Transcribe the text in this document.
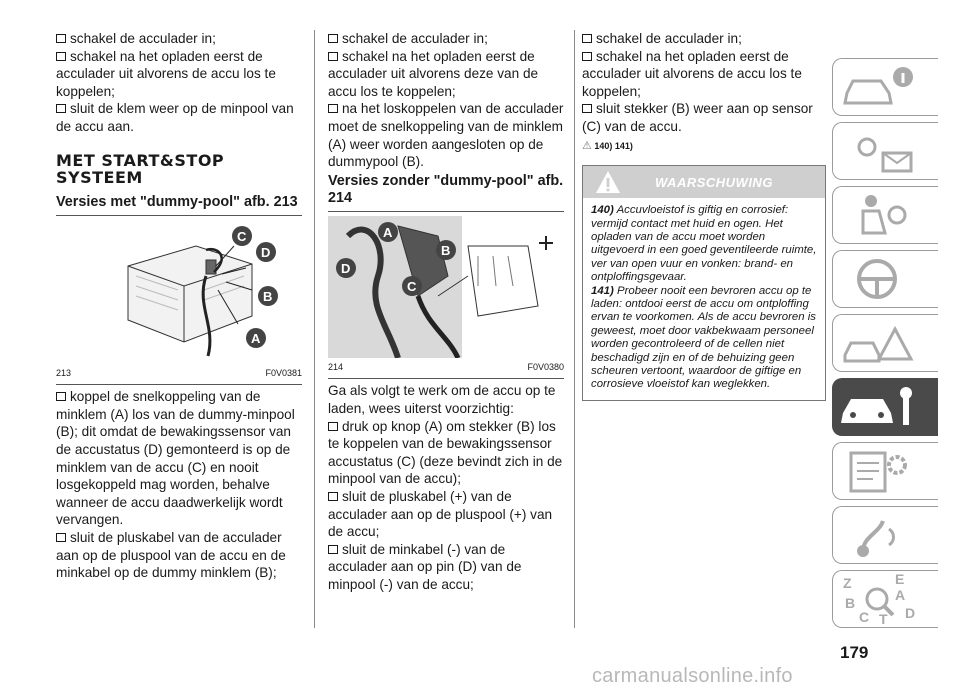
schakel de acculader in;

schakel na het opladen eerst de acculader uit alvorens de accu los te koppelen;

sluit de klem weer op de minpool van de accu aan.

MET START&STOP SYSTEEM
Versies met "dummy-pool" afb. 213
C
D
B
A
213	F0V0381

koppel de snelkoppeling van de minklem (A) los van de dummy-minpool (B); dit omdat de bewakingssensor van de accustatus (D) gemonteerd is op de minklem van de accu (C) en nooit losgekoppeld mag worden, behalve wanneer de accu daadwerkelijk wordt vervangen.

sluit de pluskabel van de acculader aan op de pluspool van de accu en de minkabel op de dummy minklem (B);

schakel de acculader in;

schakel na het opladen eerst de acculader uit alvorens deze van de accu los te koppelen;

na het loskoppelen van de acculader moet de snelkoppeling van de minklem (A) weer worden aangesloten op de dummypool (B).

Versies zonder "dummy-pool" afb. 214
A
B
D
C
214	F0V0380

Ga als volgt te werk om de accu op te laden, wees uiterst voorzichtig:

druk op knop (A) om stekker (B) los te koppelen van de bewakingssensor accustatus (C) (deze bevindt zich in de minpool van de accu);

sluit de pluskabel (+) van de acculader aan op de pluspool (+) van de accu;

sluit de minkabel (-) van de acculader aan op pin (D) van de minpool (-) van de accu;

schakel de acculader in;

schakel na het opladen eerst de acculader uit alvorens de accu los te koppelen;

sluit stekker (B) weer aan op sensor (C) van de accu.

⚠ 140) 141)
WAARSCHUWING

140) Accuvloeistof is giftig en corrosief: vermijd contact met huid en ogen. Het opladen van de accu moet worden uitgevoerd in een goed geventileerde ruimte, ver van open vuur en vonken: brand- en ontploffingsgevaar.

141) Probeer nooit een bevroren accu op te laden: ontdooi eerst de accu om ontploffing ervan te voorkomen. Als de accu bevroren is geweest, moet door vakbekwaam personeel worden gecontroleerd of de cellen niet beschadigd zijn en of de behuizing geen scheuren vertoont, waardoor de giftige en corrosieve vloeistof kan weglekken.

Z	E
A
B
C T D
179
carmanualsonline.info
